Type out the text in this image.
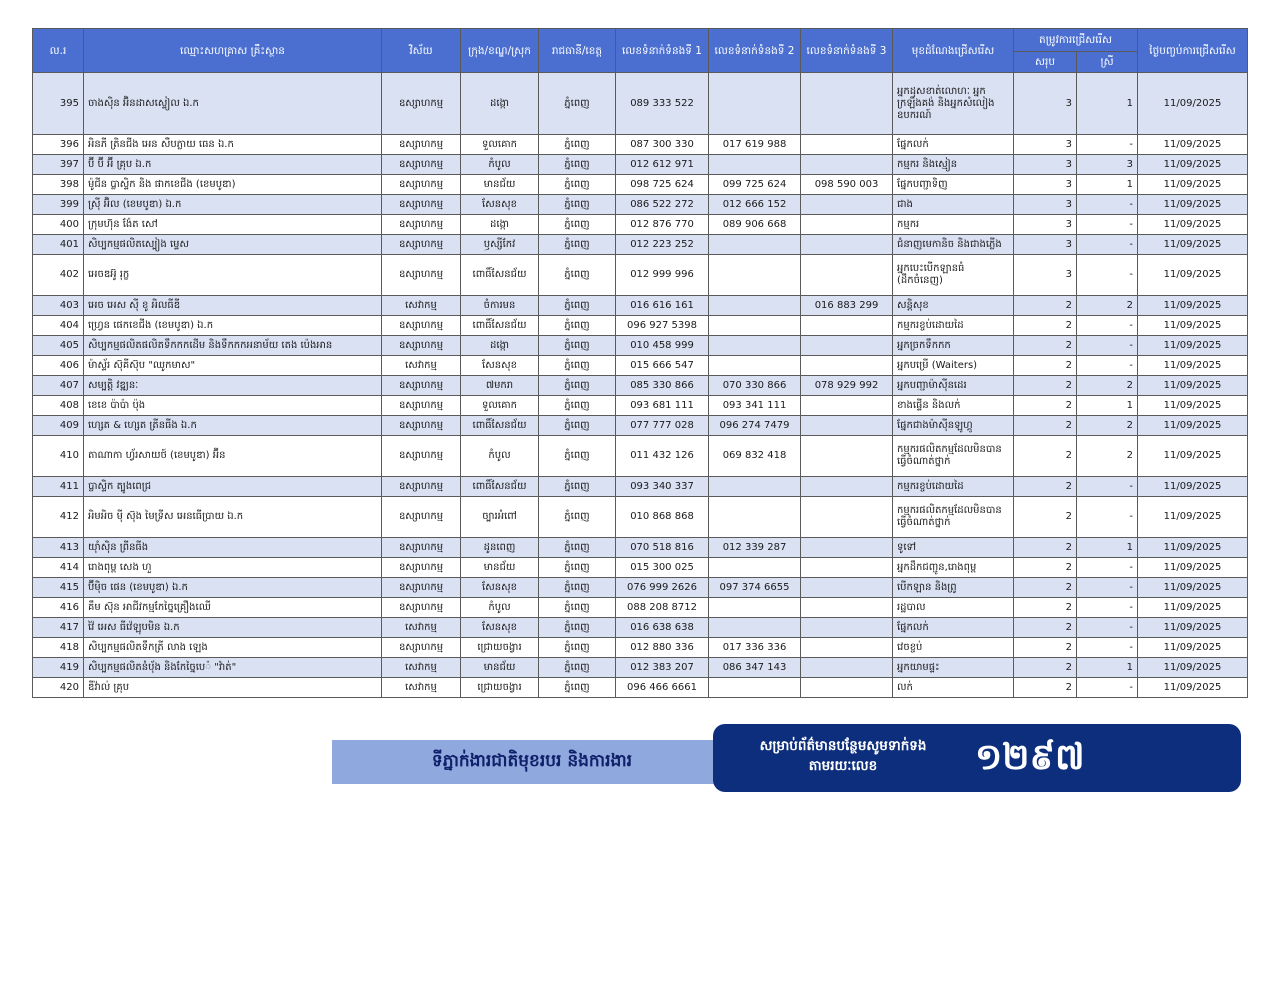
ល.រ	ឈ្មោះសហគ្រាស គ្រឹះស្ថាន	វិស័យ	ក្រុង/ខណ្ឌ/ស្រុក	រាជធានី/ខេត្ត	លេខទំនាក់ទំនងទី 1	លេខទំនាក់ទំនងទី 2	លេខទំនាក់ទំនងទី 3	មុខដំណែងជ្រើសរើស	តម្រូវការជ្រើសរើស		ថ្ងៃបញ្ចប់ការជ្រើសរើស
									សរុប	ស្រី	
395	ចាងស៊ិន អ៊ិនដាសស្ទៀល ឯ.ក	ឧស្សាហកម្ម	ដង្កោ	ភ្នំពេញ	089 333 522			អ្នកដុសខាត់លោហៈ អ្នកក្រឡឹងគង់ និងអ្នកសំលៀងឧបករណ៍	3	1	11/09/2025
396	អិនភី ត្រិនជីង អេន សឺបភ្លាយ ធេន ឯ.ក	ឧស្សាហកម្ម	ទួលគោក	ភ្នំពេញ	087 300 330	017 619 988		ផ្នែកលក់	3	-	11/09/2025
397	ប៊ី ប៊ី អ៊ី គ្រុប ឯ.ក	ឧស្សាហកម្ម	កំបូល	ភ្នំពេញ	012 612 971			កម្មករ និងស្មៀន	3	3	11/09/2025
398	ម៉ូជីន ប្លាស្ទិក និង ផាកខេជីង (ខេមបូឌា)	ឧស្សាហកម្ម	មានជ័យ	ភ្នំពេញ	098 725 624	099 725 624	098 590 003	ផ្នែកបញ្ជាទិញ	3	1	11/09/2025
399	ស្រ៊ី អ៊ិល (ខេមបូឌា) ឯ.ក	ឧស្សាហកម្ម	សែនសុខ	ភ្នំពេញ	086 522 272	012 666 152		ជាង	3	-	11/09/2025
400	ក្រុមហ៊ុន ង៉ែត សៅ	ឧស្សាហកម្ម	ដង្កោ	ភ្នំពេញ	012 876 770	089 906 668		កម្មករ	3	-	11/09/2025
401	សិប្បកម្មផលិតស្បៀង ម្ទេស	ឧស្សាហកម្ម	ឫស្សីកែវ	ភ្នំពេញ	012 223 252			ជំនាញមេកានិច និងជាងភ្លើង	3	-	11/09/2025
402	អេចឌអ៊ូ រុក្ខ	ឧស្សាហកម្ម	ពោធិ៍សែនជ័យ	ភ្នំពេញ	012 999 996			អ្នកបេះបើកឡានធំ (ដឹកចំនេញ)	3	-	11/09/2025
403	អេច អេស ស៊ី ខូ អិលធីឌី	សេវាកម្ម	ចំការមន	ភ្នំពេញ	016 616 161		016 883 299	សន្តិសុខ	2	2	11/09/2025
404	ហ្វ្រេន ផេកខេជីង (ខេមបូឌា) ឯ.ក	ឧស្សាហកម្ម	ពោធិ៍សែនជ័យ	ភ្នំពេញ	096 927 5398			កម្មករខ្ចប់ដោយដៃ	2	-	11/09/2025
405	សិប្បកម្មផលិតផលិតទឹកកកដើម និងទឹកកកអនាម័យ តេង ប៉េងអាន	ឧស្សាហកម្ម	ដង្កោ	ភ្នំពេញ	010 458 999			អ្នកច្រកទឹកកក	2	-	11/09/2025
406	ម៉ាស្ទ័រ ស៊ុគីស៊ុប "ឈូកមាស"	សេវាកម្ម	សែនសុខ	ភ្នំពេញ	015 666 547			អ្នកបម្រើ (Waiters)	2	-	11/09/2025
407	សម្បត្តិ វឌ្ឍនៈ	ឧស្សាហកម្ម	៧មករា	ភ្នំពេញ	085 330 866	070 330 866	078 929 992	អ្នកបញ្ជាម៉ាស៊ីនដេរ	2	2	11/09/2025
408	ខេខេ ប៉ាប៉ា ប៉ុង	ឧស្សាហកម្ម	ទួលគោក	ភ្នំពេញ	093 681 111	093 341 111		ខាងផ្ទើន និងលក់	2	1	11/09/2025
409	ហ្សេត & ហ្សេត ត្រីនធីង ឯ.ក	ឧស្សាហកម្ម	ពោធិ៍សែនជ័យ	ភ្នំពេញ	077 777 028	096 274 7479		ផ្នែកជាងម៉ាស៊ីនឡូហ្គូ	2	2	11/09/2025
410	តាណាកា ហ្វ័រសាយថ៍ (ខេមបូឌា) អ៊ីន	ឧស្សាហកម្ម	កំបូល	ភ្នំពេញ	011 432 126	069 832 418		កម្មករផលិតកម្មដែលមិនបានធ្វើចំណាត់ថ្នាក់	2	2	11/09/2025
411	ប្លាស្ទិក ត្បូងពេជ្រ	ឧស្សាហកម្ម	ពោធិ៍សែនជ័យ	ភ្នំពេញ	093 340 337			កម្មករខ្ចប់ដោយដៃ	2	-	11/09/2025
412	អិមអិច ម៉ី ស៊ុង មៃទ្រីស អេនធើប្រាយ ឯ.ក	ឧស្សាហកម្ម	ច្បារអំពៅ	ភ្នំពេញ	010 868 868			កម្មករផលិតកម្មដែលមិនបានធ្វើចំណាត់ថ្នាក់	2	-	11/09/2025
413	យ៉ាំស៊ិន ព្រីនធីង	ឧស្សាហកម្ម	ដូនពេញ	ភ្នំពេញ	070 518 816	012 339 287		ទូទៅ	2	1	11/09/2025
414	រោងពុម្ព សេង ហួ	ឧស្សាហកម្ម	មានជ័យ	ភ្នំពេញ	015 300 025			អ្នកដឹកជញ្ជូន,រោងពុម្ព	2	-	11/09/2025
415	ប៊ីម៉ិច ផេន (ខេមបូឌា) ឯ.ក	ឧស្សាហកម្ម	សែនសុខ	ភ្នំពេញ	076 999 2626	097 374 6655		បើកឡាន និងព្រូ	2	-	11/09/2025
416	គឹម ស៊ុន អាជីវកម្មកែច្នៃគ្រឿងឈើ	ឧស្សាហកម្ម	កំបូល	ភ្នំពេញ	088 208 8712			រដ្ឋបាល	2	-	11/09/2025
417	វ៉ៃ អេស ធីវ៉េឡុបមិន ឯ.ក	សេវាកម្ម	សែនសុខ	ភ្នំពេញ	016 638 638			ផ្នែកលក់	2	-	11/09/2025
418	សិប្បកម្មផលិតទឹកត្រី លាង ឡេង	ឧស្សាហកម្ម	ជ្រោយចង្វារ	ភ្នំពេញ	012 880 336	017 336 336		វេចខ្ចប់	2	-	11/09/2025
419	សិប្បកម្មផលិតនំប៉័ង និងកែច្នៃបេ៉ "វ៉ាត់"	សេវាកម្ម	មានជ័យ	ភ្នំពេញ	012 383 207	086 347 143		អ្នកយាមផ្ទះ	2	1	11/09/2025
420	ឌីវ៉ាល់ គ្រុប	សេវាកម្ម	ជ្រោយចង្វារ	ភ្នំពេញ	096 466 6661			លក់	2	-	11/09/2025
ទីភ្នាក់ងារជាតិមុខរបរ និងការងារ
សម្រាប់ព័ត៌មានបន្ថែមសូមទាក់ទងតាមរយៈលេខ	១២៩៧
